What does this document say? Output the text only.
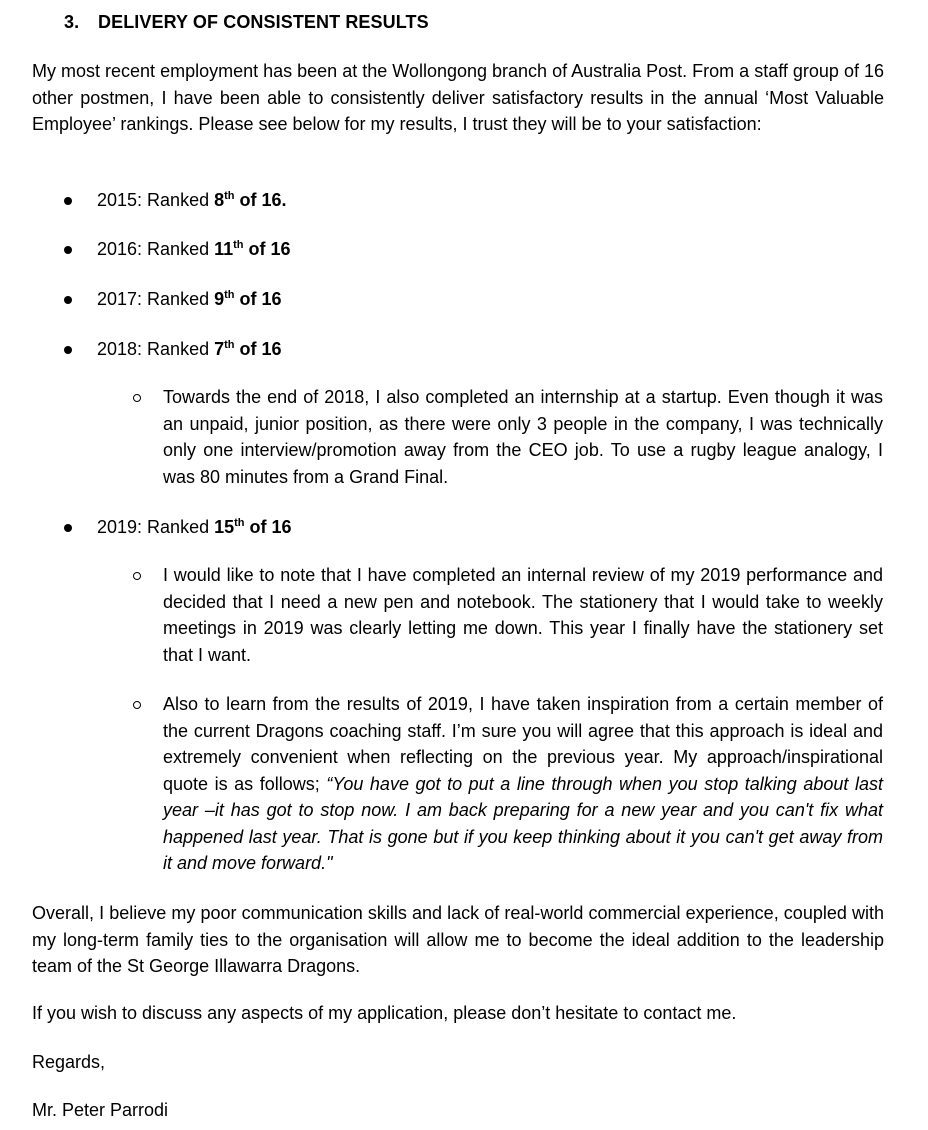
3. DELIVERY OF CONSISTENT RESULTS
My most recent employment has been at the Wollongong branch of Australia Post. From a staff group of 16 other postmen, I have been able to consistently deliver satisfactory results in the annual ‘Most Valuable Employee’ rankings. Please see below for my results, I trust they will be to your satisfaction:
2015: Ranked 8th of 16.
2016: Ranked 11th of 16
2017: Ranked 9th of 16
2018: Ranked 7th of 16
Towards the end of 2018, I also completed an internship at a startup. Even though it was an unpaid, junior position, as there were only 3 people in the company, I was technically only one interview/promotion away from the CEO job. To use a rugby league analogy, I was 80 minutes from a Grand Final.
2019: Ranked 15th of 16
I would like to note that I have completed an internal review of my 2019 performance and decided that I need a new pen and notebook. The stationery that I would take to weekly meetings in 2019 was clearly letting me down. This year I finally have the stationery set that I want.
Also to learn from the results of 2019, I have taken inspiration from a certain member of the current Dragons coaching staff. I’m sure you will agree that this approach is ideal and extremely convenient when reflecting on the previous year. My approach/inspirational quote is as follows; “You have got to put a line through when you stop talking about last year –it has got to stop now. I am back preparing for a new year and you can't fix what happened last year. That is gone but if you keep thinking about it you can't get away from it and move forward."
Overall, I believe my poor communication skills and lack of real-world commercial experience, coupled with my long-term family ties to the organisation will allow me to become the ideal addition to the leadership team of the St George Illawarra Dragons.
If you wish to discuss any aspects of my application, please don’t hesitate to contact me.
Regards,
Mr. Peter Parrodi
